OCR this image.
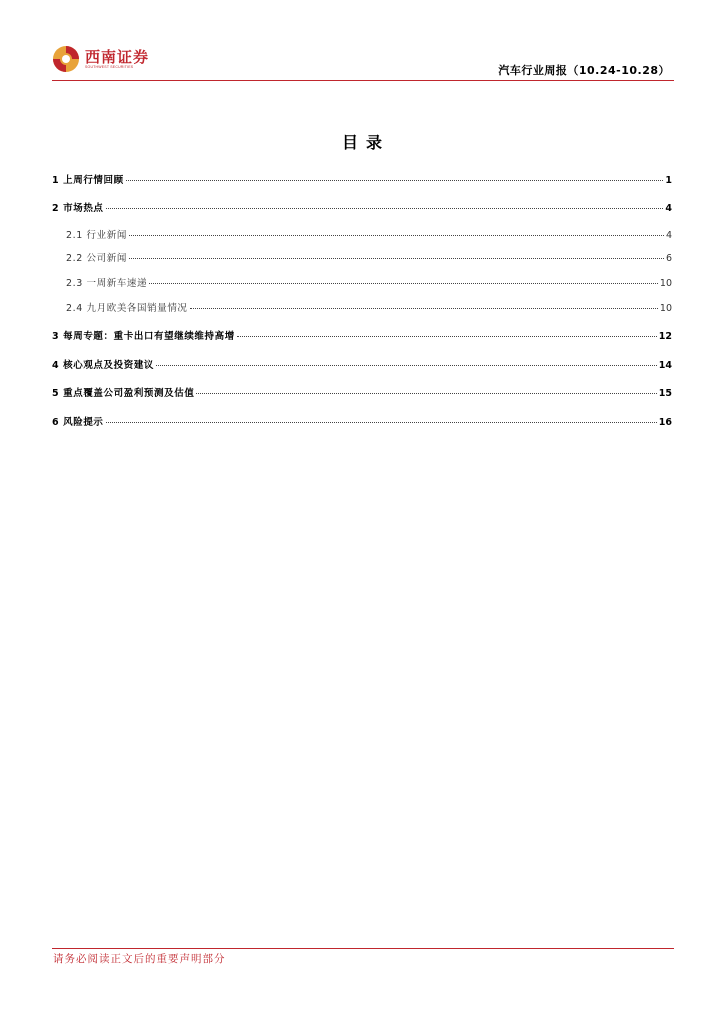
西南证券
SOUTHWEST SECURITIES	汽车行业周报（10.24-10.28）
目录
1 上周行情回顾	1
2 市场热点	4
2.1 行业新闻	4
2.2 公司新闻	6
2.3 一周新车速递	10
2.4 九月欧美各国销量情况	10
3 每周专题：重卡出口有望继续维持高增	12
4 核心观点及投资建议	14
5 重点覆盖公司盈利预测及估值	15
6 风险提示	16
请务必阅读正文后的重要声明部分
